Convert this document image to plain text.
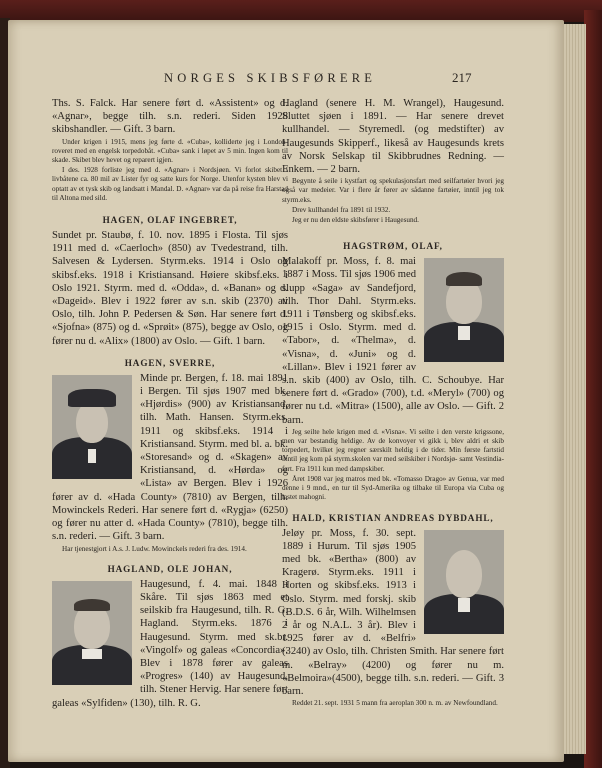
NORGES SKIBSFØRERE	217

Ths. S. Falck. Har senere ført d. «Assistent» og d. «Agnar», begge tilh. s.n. rederi. Siden 1928 skibshandler. — Gift. 3 barn.

Under krigen i 1915, mens jeg førte d. «Cuba», kolliderte jeg i London-roveret med en engelsk torpedobåt. «Cuba» sank i løpet av 5 min. Ingen kom til skade. Skibet blev hevet og reparert igjen.

I des. 1928 forliste jeg med d. «Agnar» i Nordsjøen. Vi forlot skibet i livbåtene ca. 80 mil av Lister fyr og satte kurs for Norge. Utenfor kysten blev vi optatt av et tysk skib og landsatt i Mandal. D. «Agnar» var da på reise fra Harstad til Altona med sild.

HAGEN, OLAF INGEBRET,

Sundet pr. Staubø, f. 10. nov. 1895 i Flosta. Til sjøs 1911 med d. «Caerloch» (850) av Tvedestrand, tilh. Salvesen & Lydersen. Styrm.eks. 1914 i Oslo og skibsf.eks. 1918 i Kristiansand. Høiere skibsf.eks. i Oslo 1921. Styrm. med d. «Odda», d. «Banan» og d. «Dageid». Blev i 1922 fører av s.n. skib (2370) av Oslo, tilh. John P. Pedersen & Søn. Har senere ført d. «Sjofna» (875) og d. «Sprøit» (875), begge av Oslo, og fører nu d. «Alix» (1800) av Oslo. — Gift. 1 barn.

HAGEN, SVERRE,

Minde pr. Bergen, f. 18. mai 1891 i Bergen. Til sjøs 1907 med bk. «Hjørdis» (900) av Kristiansand, tilh. Math. Hansen. Styrm.eks. 1911 og skibsf.eks. 1914 i Kristiansand. Styrm. med bl. a. bk. «Storesand» og d. «Skagen» av Kristiansand, d. «Hørda» og «Lista» av Bergen. Blev i 1926 fører av d. «Hada County» (7810) av Bergen, tilh. Mowinckels Rederi. Har senere ført d. «Rygja» (6250) og fører nu atter d. «Hada County» (7810), begge tilh. s.n. rederi. — Gift. 3 barn.

Har tjenestgjort i A.s. J. Ludw. Mowinckels rederi fra des. 1914.

HAGLAND, OLE JOHAN,

Haugesund, f. 4. mai. 1848 i Skåre. Til sjøs 1863 med et seilskib fra Haugesund, tilh. R. G. Hagland. Styrm.eks. 1876 i Haugesund. Styrm. med sk.br. «Vingolf» og galeas «Concordia». Blev i 1878 fører av galeas «Progres» (140) av Haugesund, tilh. Stener Hervig. Har senere ført galeas «Sylfiden» (130), tilh. R. G.

Hagland (senere H. M. Wrangel), Haugesund. Sluttet sjøen i 1891. — Har senere drevet kullhandel. — Styremedl. (og medstifter) av Haugesunds Skipperf., likeså av Haugesunds krets av Norsk Selskap til Skibbrudnes Redning. — Enkem. — 2 barn.

Begynte å seile i kystfart og spekulasjonsfart med seilfartøier hvori jeg også var medeier. Var i flere år fører av sådanne fartøier, inntil jeg tok styrm.eks.

Drev kullhandel fra 1891 til 1932.

Jeg er nu den eldste skibsfører i Haugesund.

HAGSTRØM, OLAF,

Malakoff pr. Moss, f. 8. mai 1887 i Moss. Til sjøs 1906 med slupp «Saga» av Sandefjord, tilh. Thor Dahl. Styrm.eks. 1911 i Tønsberg og skibsf.eks. 1915 i Oslo. Styrm. med d. «Tabor», d. «Thelma», d. «Visna», d. «Juni» og d. «Lillan». Blev i 1921 fører av s.n. skib (400) av Oslo, tilh. C. Schoubye. Har senere ført d. «Grado» (700), t.d. «Meryl» (700) og fører nu t.d. «Mitra» (1500), alle av Oslo. — Gift. 2 barn.

Jeg seilte hele krigen med d. «Visna». Vi seilte i den verste krigssone, men var bestandig heldige. Av de konvoyer vi gikk i, blev aldri et skib torpedert, hvilket jeg regner særskilt heldig i de tider. Min første fartstid inntil jeg kom på styrm.skolen var med seilskiber i Nordsjø- samt Vestindia-fart. Fra 1911 kun med dampskiber.

Året 1908 var jeg matros med bk. «Tomasso Drago» av Genua, var med denne i 9 mnd., en tur til Syd-Amerika og tilbake til Europa via Cuba og lastet mahogni.

HALD, KRISTIAN ANDREAS DYBDAHL,

Jeløy pr. Moss, f. 30. sept. 1889 i Hurum. Til sjøs 1905 med bk. «Bertha» (800) av Kragerø. Styrm.eks. 1911 i Horten og skibsf.eks. 1913 i Oslo. Styrm. med forskj. skib (B.D.S. 6 år, Wilh. Wilhelmsen 2 år og N.A.L. 3 år). Blev i 1925 fører av d. «Belfri» (3240) av Oslo, tilh. Christen Smith. Har senere ført m. «Belray» (4200) og fører nu m. «Belmoira»(4500), begge tilh. s.n. rederi. — Gift. 3 barn.

Reddet 21. sept. 1931 5 mann fra aeroplan 300 n. m. av Newfoundland.
